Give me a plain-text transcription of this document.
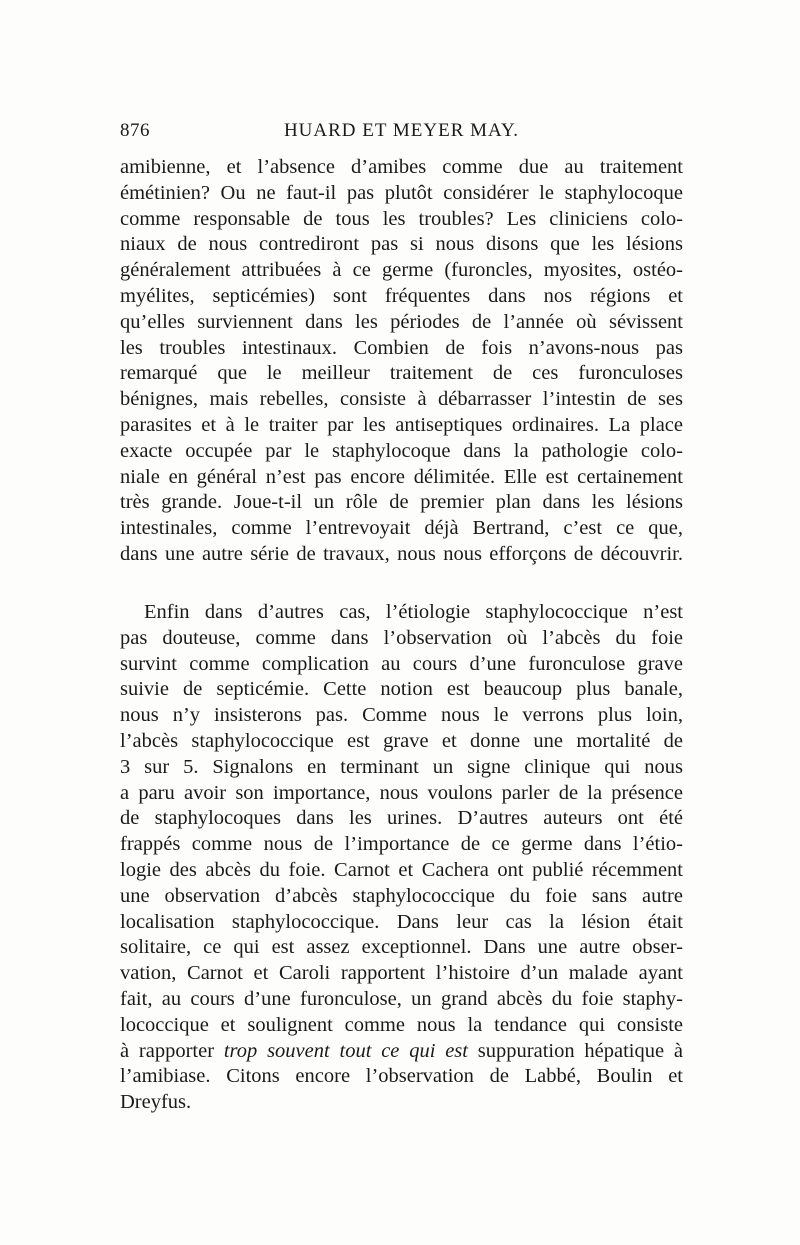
876	HUARD ET MEYER MAY.
amibienne, et l’absence d’amibes comme due au traitement
émétinien? Ou ne faut-il pas plutôt considérer le staphylocoque
comme responsable de tous les troubles? Les cliniciens colo-
niaux de nous contrediront pas si nous disons que les lésions
généralement attribuées à ce germe (furoncles, myosites, ostéo-
myélites, septicémies) sont fréquentes dans nos régions et
qu’elles surviennent dans les périodes de l’année où sévissent
les troubles intestinaux. Combien de fois n’avons-nous pas
remarqué que le meilleur traitement de ces furonculoses
bénignes, mais rebelles, consiste à débarrasser l’intestin de ses
parasites et à le traiter par les antiseptiques ordinaires. La place
exacte occupée par le staphylocoque dans la pathologie colo-
niale en général n’est pas encore délimitée. Elle est certainement
très grande. Joue-t-il un rôle de premier plan dans les lésions
intestinales, comme l’entrevoyait déjà Bertrand, c’est ce que,
dans une autre série de travaux, nous nous efforçons de découvrir.
Enfin dans d’autres cas, l’étiologie staphylococcique n’est
pas douteuse, comme dans l’observation où l’abcès du foie
survint comme complication au cours d’une furonculose grave
suivie de septicémie. Cette notion est beaucoup plus banale,
nous n’y insisterons pas. Comme nous le verrons plus loin,
l’abcès staphylococcique est grave et donne une mortalité de
3 sur 5. Signalons en terminant un signe clinique qui nous
a paru avoir son importance, nous voulons parler de la présence
de staphylocoques dans les urines. D’autres auteurs ont été
frappés comme nous de l’importance de ce germe dans l’étio-
logie des abcès du foie. Carnot et Cachera ont publié récemment
une observation d’abcès staphylococcique du foie sans autre
localisation staphylococcique. Dans leur cas la lésion était
solitaire, ce qui est assez exceptionnel. Dans une autre obser-
vation, Carnot et Caroli rapportent l’histoire d’un malade ayant
fait, au cours d’une furonculose, un grand abcès du foie staphy-
lococcique et soulignent comme nous la tendance qui consiste
à rapporter trop souvent tout ce qui est suppuration hépatique à
l’amibiase. Citons encore l’observation de Labbé, Boulin et
Dreyfus.
